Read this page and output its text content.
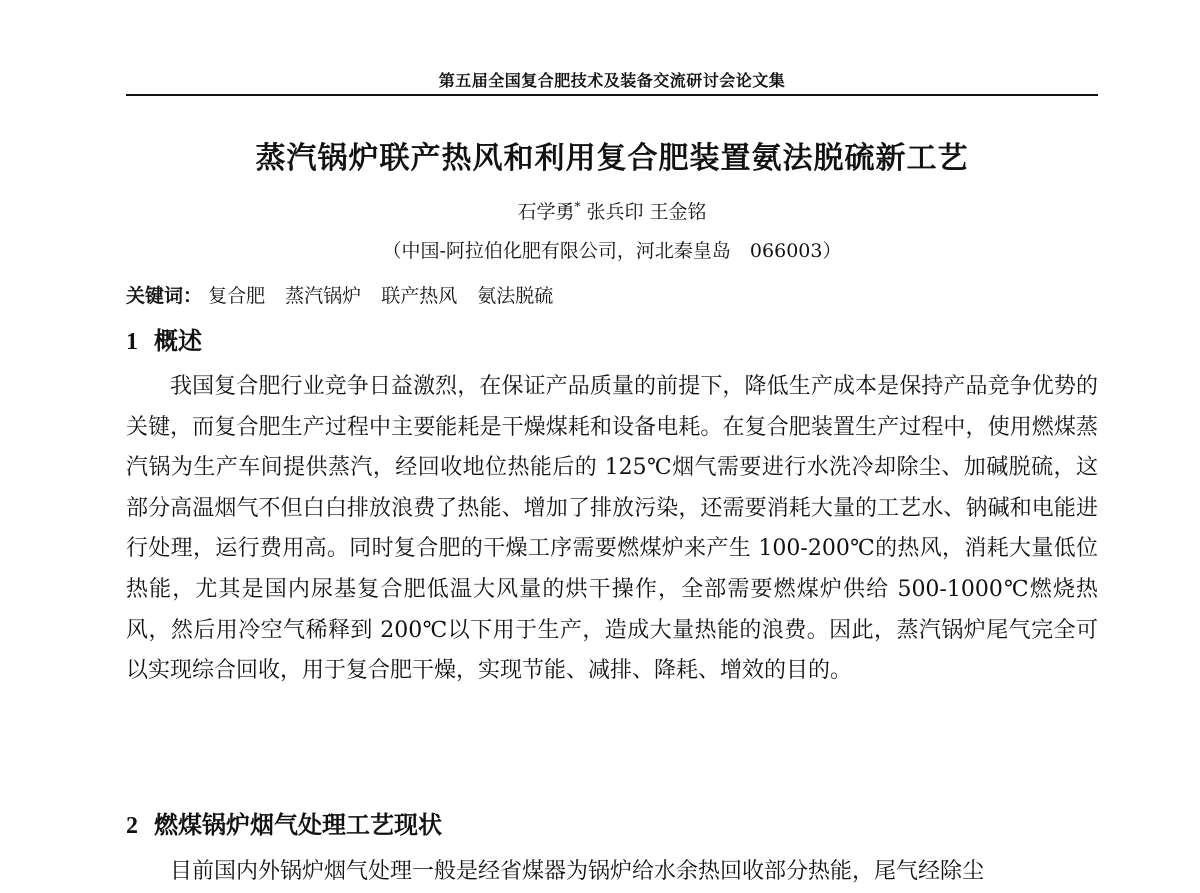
第五届全国复合肥技术及装备交流研讨会论文集
蒸汽锅炉联产热风和利用复合肥装置氨法脱硫新工艺
石学勇* 张兵印 王金铭
（中国-阿拉伯化肥有限公司，河北秦皇岛　066003）
关键词： 复合肥 蒸汽锅炉 联产热风 氨法脱硫
1 概述

我国复合肥行业竞争日益激烈，在保证产品质量的前提下，降低生产成本是保持产品竞争优势的关键，而复合肥生产过程中主要能耗是干燥煤耗和设备电耗。在复合肥装置生产过程中，使用燃煤蒸汽锅为生产车间提供蒸汽，经回收地位热能后的 125℃烟气需要进行水洗冷却除尘、加碱脱硫，这部分高温烟气不但白白排放浪费了热能、增加了排放污染，还需要消耗大量的工艺水、钠碱和电能进行处理，运行费用高。同时复合肥的干燥工序需要燃煤炉来产生 100-200℃的热风，消耗大量低位热能，尤其是国内尿基复合肥低温大风量的烘干操作，全部需要燃煤炉供给 500-1000℃燃烧热风，然后用冷空气稀释到 200℃以下用于生产，造成大量热能的浪费。因此，蒸汽锅炉尾气完全可以实现综合回收，用于复合肥干燥，实现节能、减排、降耗、增效的目的。

2 燃煤锅炉烟气处理工艺现状

目前国内外锅炉烟气处理一般是经省煤器为锅炉给水余热回收部分热能，尾气经除尘
